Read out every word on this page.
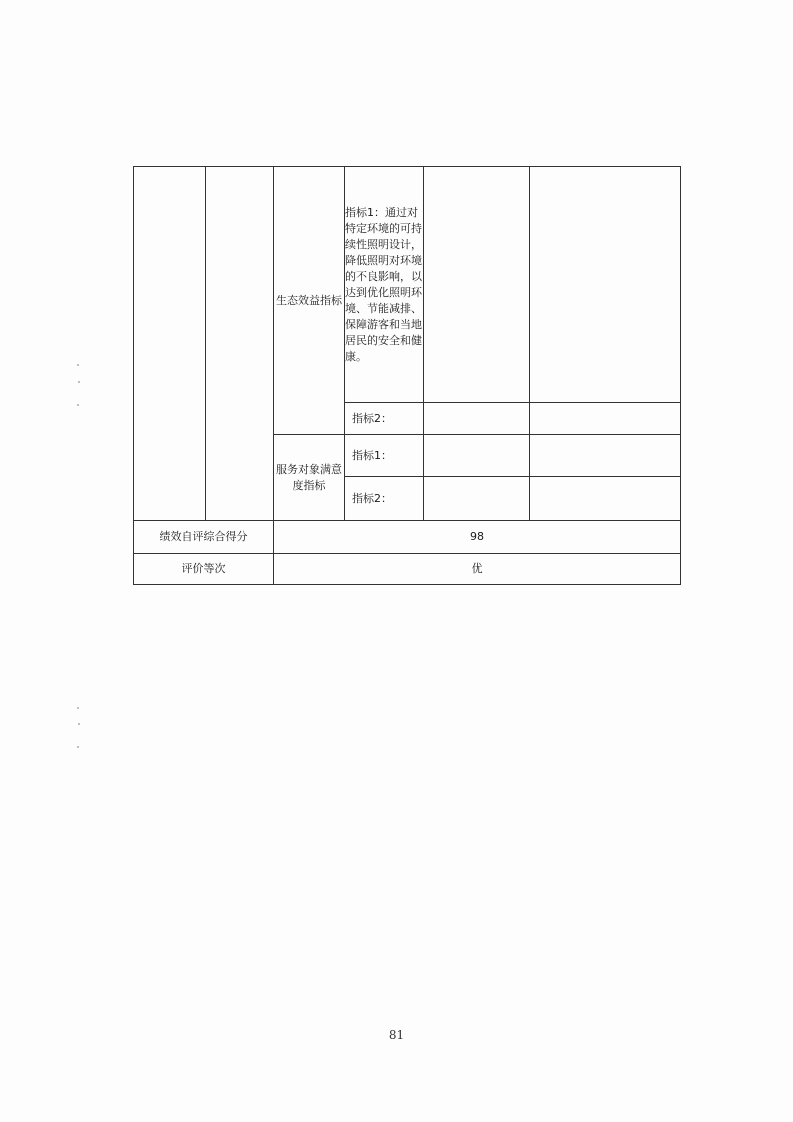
		生态效益指标	指标1：通过对特定环境的可持续性照明设计，降低照明对环境的不良影响，以达到优化照明环境、节能减排、保障游客和当地居民的安全和健康。		
			指标2：		
		服务对象满意度指标	指标1：		
			指标2：		
绩效自评综合得分		98			
评价等次		优			
81
